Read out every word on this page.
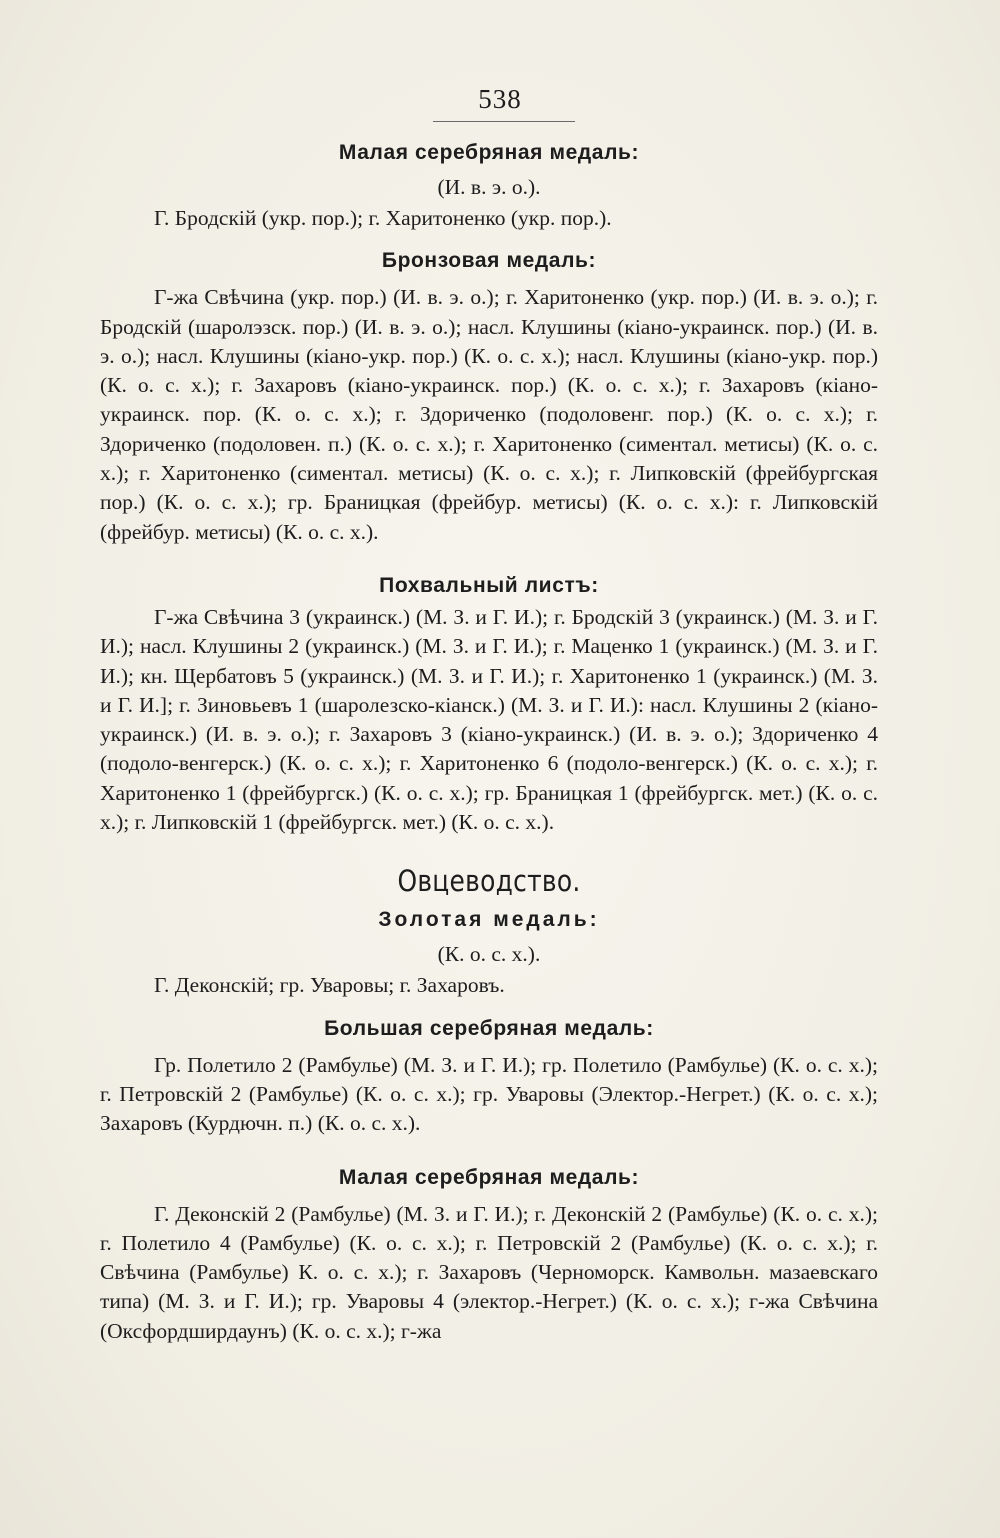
538
Малая серебряная медаль:
(И. в. э. о.).
Г. Бродскій (укр. пор.); г. Харитоненко (укр. пор.).
Бронзовая медаль:
Г-жа Свѣчина (укр. пор.) (И. в. э. о.); г. Харитоненко (укр. пор.) (И. в. э. о.); г. Бродскій (шаролэзск. пор.) (И. в. э. о.); насл. Клушины (кіано-украинск. пор.) (И. в. э. о.); насл. Клушины (кіано-укр. пор.) (К. о. с. х.); насл. Клушины (кіано-укр. пор.) (К. о. с. х.); г. Захаровъ (кіано-украинск. пор.) (К. о. с. х.); г. Захаровъ (кіано-украинск. пор. (К. о. с. х.); г. Здориченко (подоловенг. пор.) (К. о. с. х.); г. Здориченко (подоловен. п.) (К. о. с. х.); г. Харитоненко (симентал. метисы) (К. о. с. х.); г. Харитоненко (симентал. метисы) (К. о. с. х.); г. Липковскій (фрейбургская пор.) (К. о. с. х.); гр. Браницкая (фрейбур. метисы) (К. о. с. х.): г. Липковскій (фрейбур. метисы) (К. о. с. х.).
Похвальный листъ:
Г-жа Свѣчина 3 (украинск.) (М. З. и Г. И.); г. Бродскій 3 (украинск.) (М. З. и Г. И.); насл. Клушины 2 (украинск.) (М. З. и Г. И.); г. Маценко 1 (украинск.) (М. З. и Г. И.); кн. Щербатовъ 5 (украинск.) (М. З. и Г. И.); г. Харитоненко 1 (украинск.) (М. З. и Г. И.]; г. Зиновьевъ 1 (шаролезско-кіанск.) (М. З. и Г. И.): насл. Клушины 2 (кіано-украинск.) (И. в. э. о.); г. Захаровъ 3 (кіано-украинск.) (И. в. э. о.); Здориченко 4 (подоло-венгерск.) (К. о. с. х.); г. Харитоненко 6 (подоло-венгерск.) (К. о. с. х.); г. Харитоненко 1 (фрейбургск.) (К. о. с. х.); гр. Браницкая 1 (фрейбургск. мет.) (К. о. с. х.); г. Липковскій 1 (фрейбургск. мет.) (К. о. с. х.).
Овцеводство.
Золотая медаль:
(К. о. с. х.).
Г. Деконскій; гр. Уваровы; г. Захаровъ.
Большая серебряная медаль:
Гр. Полетило 2 (Рамбулье) (М. З. и Г. И.); гр. Полетило (Рамбулье) (К. о. с. х.); г. Петровскій 2 (Рамбулье) (К. о. с. х.); гр. Уваровы (Электор.-Негрет.) (К. о. с. х.); Захаровъ (Курдючн. п.) (К. о. с. х.).
Малая серебряная медаль:
Г. Деконскій 2 (Рамбулье) (М. З. и Г. И.); г. Деконскій 2 (Рамбулье) (К. о. с. х.); г. Полетило 4 (Рамбулье) (К. о. с. х.); г. Петровскій 2 (Рамбулье) (К. о. с. х.); г. Свѣчина (Рамбулье) К. о. с. х.); г. Захаровъ (Черноморск. Камвольн. мазаевскаго типа) (М. З. и Г. И.); гр. Уваровы 4 (электор.-Негрет.) (К. о. с. х.); г-жа Свѣчина (Оксфордширдаунъ) (К. о. с. х.); г-жа
